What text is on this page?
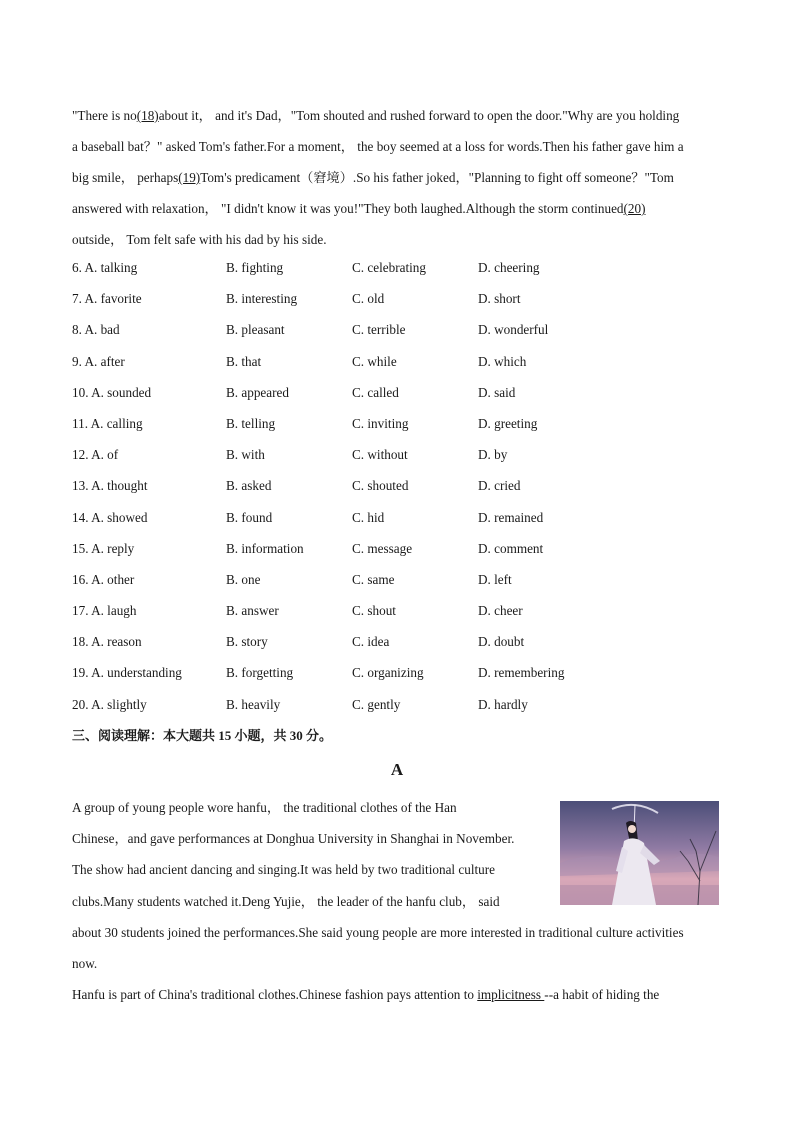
"There is no(18)about it， and it's Dad，"Tom shouted and rushed forward to open the door."Why are you holding
a baseball bat？" asked Tom's father.For a moment， the boy seemed at a loss for words.Then his father gave him a
big smile， perhaps(19)Tom's predicament（窘境）.So his father joked，"Planning to fight off someone？"Tom
answered with relaxation， "I didn't know it was you!"They both laughed.Although the storm continued(20)
outside， Tom felt safe with his dad by his side.
6. A. talking	B. fighting	C. celebrating	D. cheering
7. A. favorite	B. interesting	C. old	D. short
8. A. bad	B. pleasant	C. terrible	D. wonderful
9. A. after	B. that	C. while	D. which
10. A. sounded	B. appeared	C. called	D. said
11. A. calling	B. telling	C. inviting	D. greeting
12. A. of	B. with	C. without	D. by
13. A. thought	B. asked	C. shouted	D. cried
14. A. showed	B. found	C. hid	D. remained
15. A. reply	B. information	C. message	D. comment
16. A. other	B. one	C. same	D. left
17. A. laugh	B. answer	C. shout	D. cheer
18. A. reason	B. story	C. idea	D. doubt
19. A. understanding	B. forgetting	C. organizing	D. remembering
20. A. slightly	B. heavily	C. gently	D. hardly
三、阅读理解：本大题共 15 小题，共 30 分。
A
A group of young people wore hanfu， the traditional clothes of the Han
Chinese，and gave performances at Donghua University in Shanghai in November.
The show had ancient dancing and singing.It was held by two traditional culture
clubs.Many students watched it.Deng Yujie， the leader of the hanfu club， said
about 30 students joined the performances.She said young people are more interested in traditional culture activities
now.
Hanfu is part of China's traditional clothes.Chinese fashion pays attention to implicitness --a habit of hiding the
